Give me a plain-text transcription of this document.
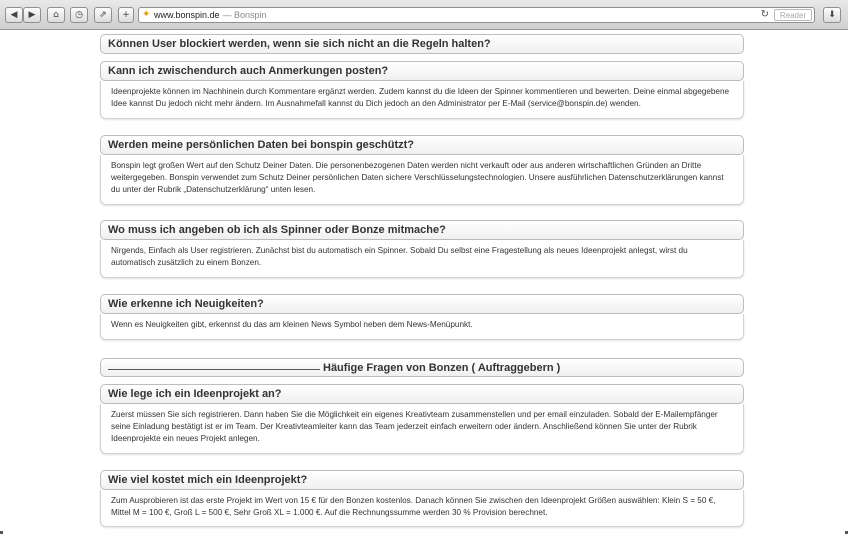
◀ ▶ ⌂ ◷ ⇗ + ✦ www.bonspin.de — Bonspin	↻	Reader	⬇
Können User blockiert werden, wenn sie sich nicht an die Regeln halten?
Kann ich zwischendurch auch Anmerkungen posten?
Ideenprojekte können im Nachhinein durch Kommentare ergänzt werden. Zudem kannst du die Ideen der Spinner kommentieren und bewerten. Deine einmal abgegebene Idee kannst Du jedoch nicht mehr ändern. Im Ausnahmefall kannst du Dich jedoch an den Administrator per E-Mail (service@bonspin.de) wenden.
Werden meine persönlichen Daten bei bonspin geschützt?
Bonspin legt großen Wert auf den Schutz Deiner Daten. Die personenbezogenen Daten werden nicht verkauft oder aus anderen wirtschaftlichen Gründen an Dritte weitergegeben. Bonspin verwendet zum Schutz Deiner persönlichen Daten sichere Verschlüsselungstechnologien. Unsere ausführlichen Datenschutzerklärungen kannst du unter der Rubrik „Datenschutzerklärung“ unten lesen.
Wo muss ich angeben ob ich als Spinner oder Bonze mitmache?
Nirgends, Einfach als User registrieren. Zunächst bist du automatisch ein Spinner. Sobald Du selbst eine Fragestellung als neues Ideenprojekt anlegst, wirst du automatisch zusätzlich zu einem Bonzen.
Wie erkenne ich Neuigkeiten?
Wenn es Neuigkeiten gibt, erkennst du das am kleinen News Symbol neben dem News-Menüpunkt.
Häufige Fragen von Bonzen ( Auftraggebern )
Wie lege ich ein Ideenprojekt an?
Zuerst müssen Sie sich registrieren. Dann haben Sie die Möglichkeit ein eigenes Kreativteam zusammenstellen und per email einzuladen. Sobald der E-Mailempfänger seine Einladung bestätigt ist er im Team. Der Kreativteamleiter kann das Team jederzeit einfach erweitern oder ändern. Anschließend können Sie unter der Rubrik Ideenprojekte ein neues Projekt anlegen.
Wie viel kostet mich ein Ideenprojekt?
Zum Ausprobieren ist das erste Projekt im Wert von 15 € für den Bonzen kostenlos. Danach können Sie zwischen den Ideenprojekt Größen auswählen: Klein S = 50 €, Mittel M = 100 €, Groß L = 500 €, Sehr Groß XL = 1.000 €. Auf die Rechnungssumme werden 30 % Provision berechnet.
